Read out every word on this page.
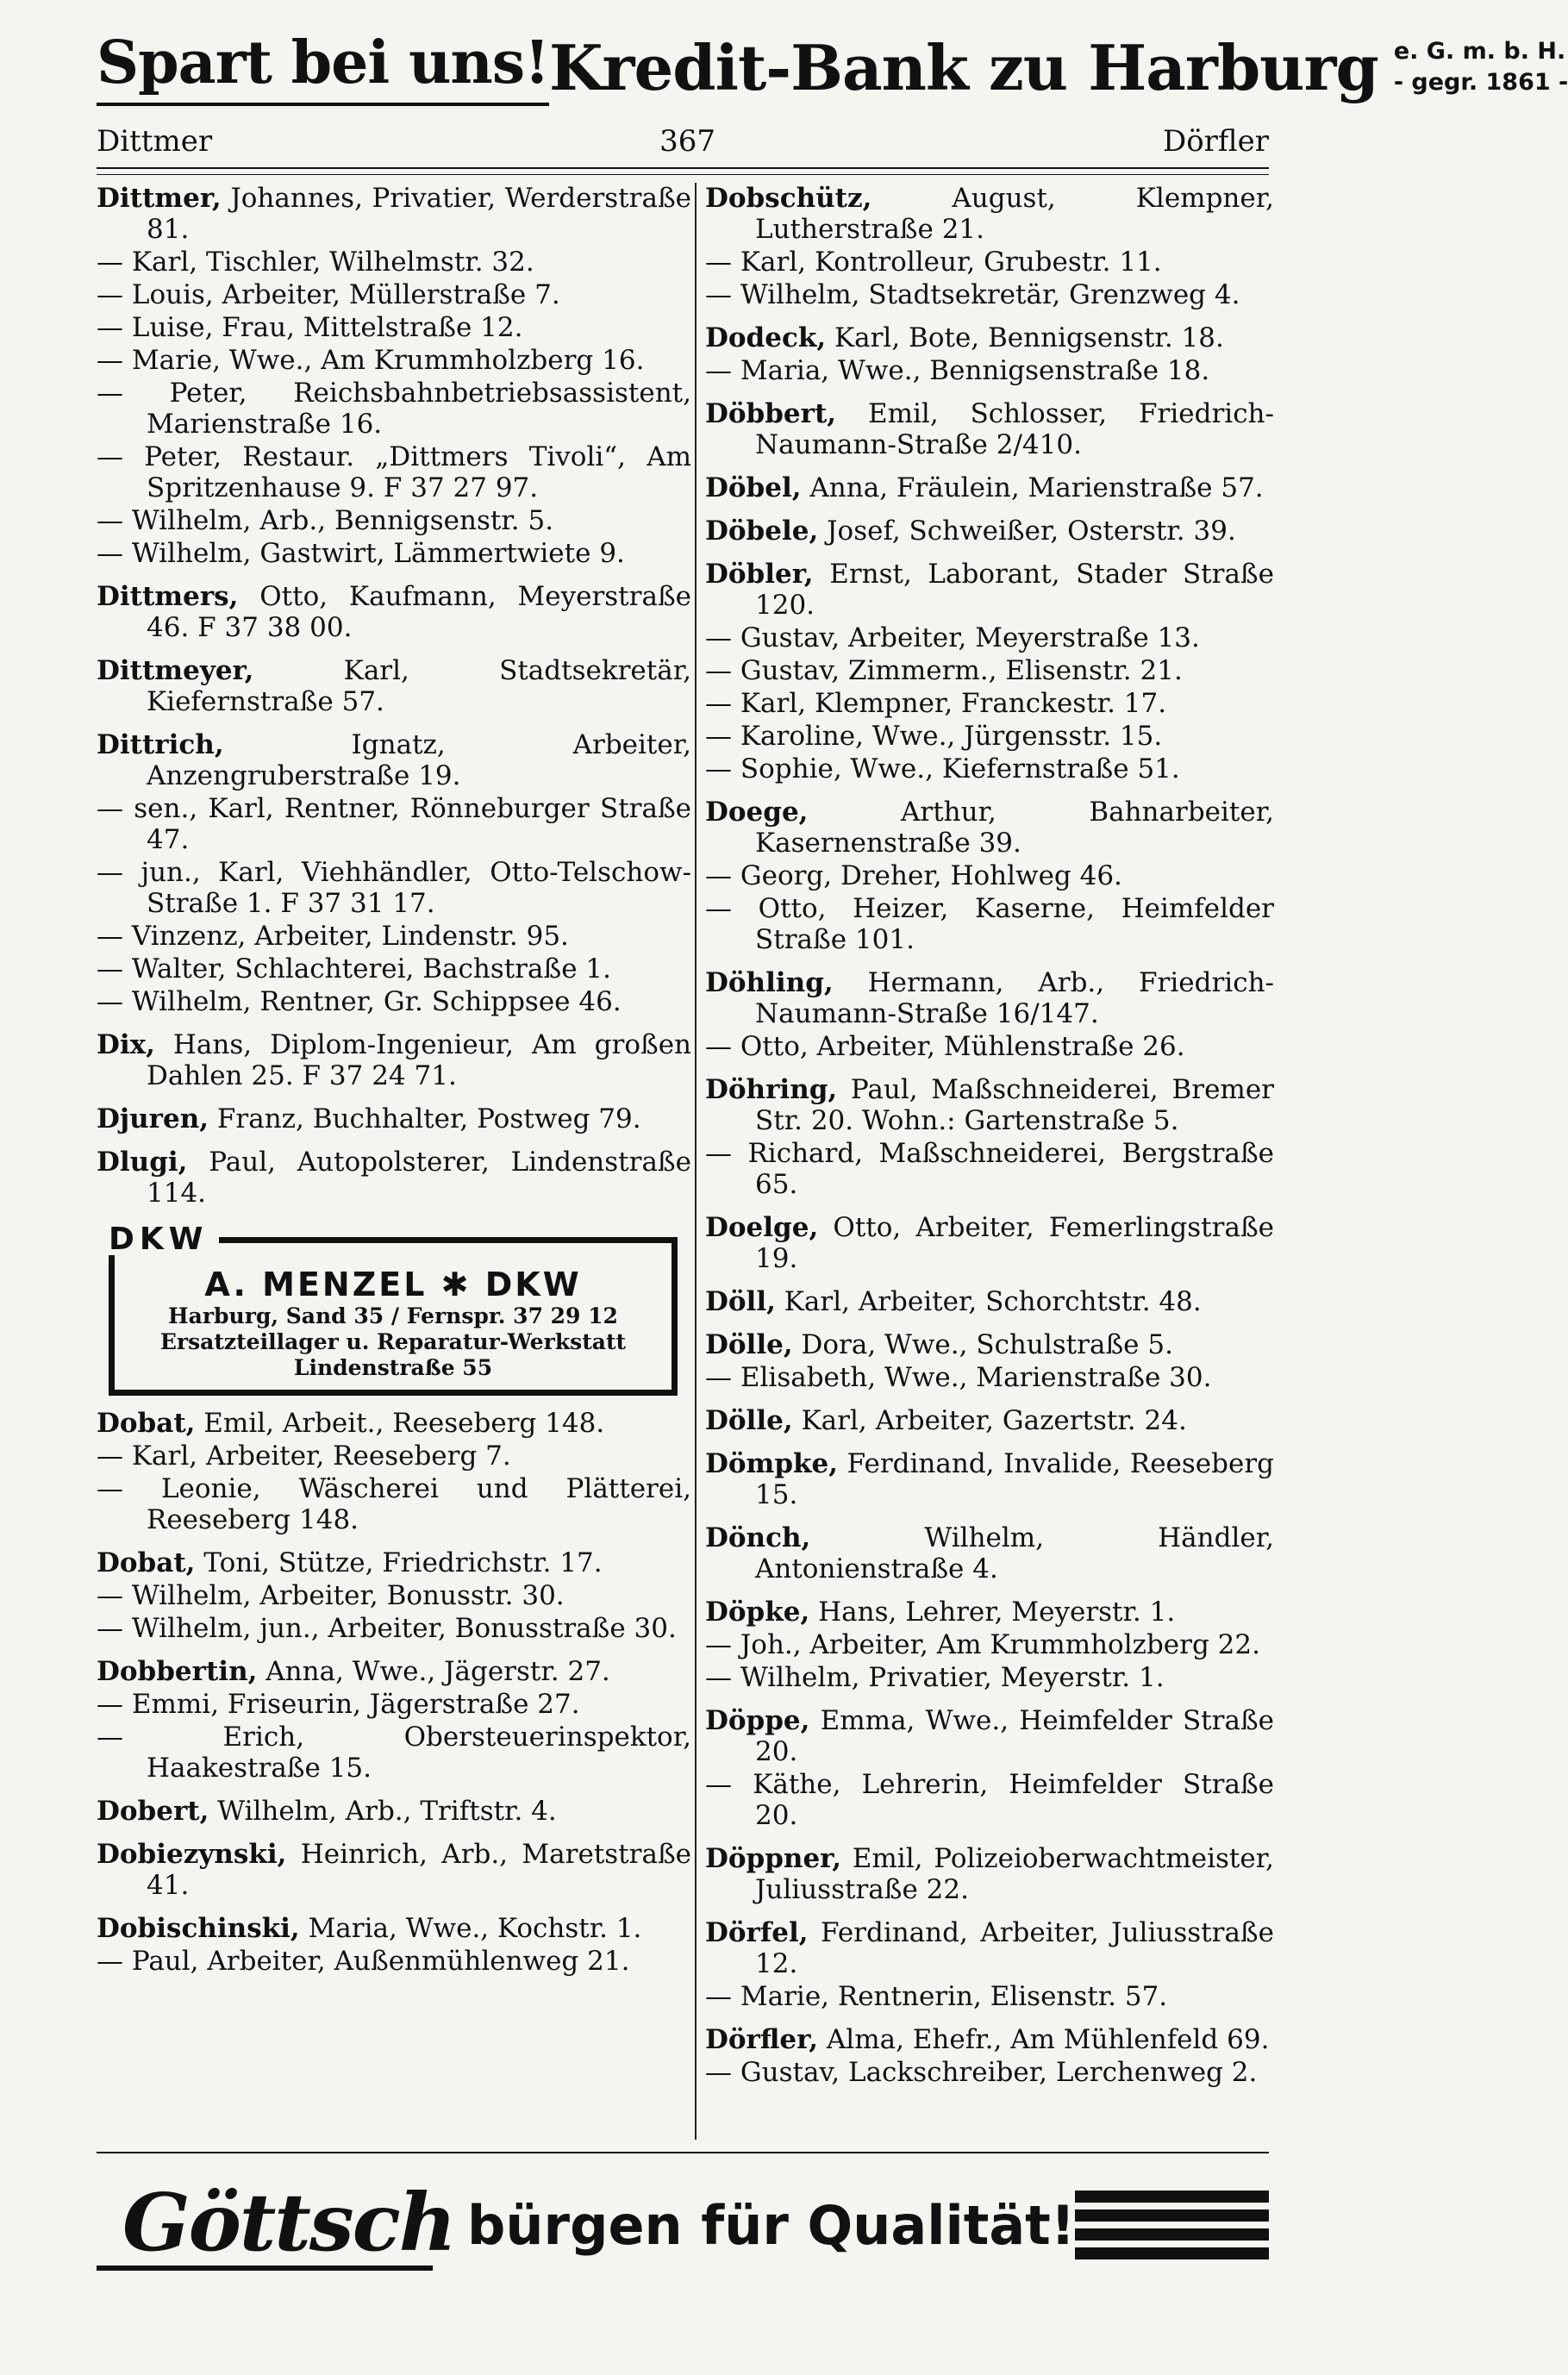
Spart bei uns! Kredit-Bank zu Harburg e. G. m. b. H.
- gegr. 1861 -
Dittmer	367	Dörfler
Dittmer, Johannes, Privatier, Werderstraße 81.
— Karl, Tischler, Wilhelmstr. 32.
— Louis, Arbeiter, Müllerstraße 7.
— Luise, Frau, Mittelstraße 12.
— Marie, Wwe., Am Krummholzberg 16.
— Peter, Reichsbahnbetriebsassistent, Marienstraße 16.
— Peter, Restaur. „Dittmers Tivoli“, Am Spritzenhause 9. F 37 27 97.
— Wilhelm, Arb., Bennigsenstr. 5.
— Wilhelm, Gastwirt, Lämmertwiete 9.
Dittmers, Otto, Kaufmann, Meyerstraße 46. F 37 38 00.
Dittmeyer,	Karl, Stadtsekretär, Kiefernstraße 57.
Dittrich,	Ignatz, Arbeiter, Anzengruberstraße 19.
— sen., Karl, Rentner, Rönneburger Straße 47.
— jun., Karl, Viehhändler, Otto-Telschow-Straße 1. F 37 31 17.
— Vinzenz, Arbeiter, Lindenstr. 95.
— Walter, Schlachterei, Bachstraße 1.
— Wilhelm, Rentner, Gr. Schippsee 46.
Dix, Hans, Diplom-Ingenieur, Am großen Dahlen 25. F 37 24 71.
Djuren, Franz, Buchhalter, Postweg 79.
Dlugi, Paul, Autopolsterer, Lindenstraße 114.
DKW
A. MENZEL ✱ DKW
Harburg, Sand 35 / Fernspr. 37 29 12
Ersatzteillager u. Reparatur-Werkstatt
Lindenstraße 55
Dobat, Emil, Arbeit., Reeseberg 148.
— Karl, Arbeiter, Reeseberg 7.
— Leonie, Wäscherei und Plätterei, Reeseberg 148.
Dobat, Toni, Stütze, Friedrichstr. 17.
— Wilhelm, Arbeiter, Bonusstr. 30.
— Wilhelm, jun., Arbeiter, Bonusstraße 30.
Dobbertin, Anna, Wwe., Jägerstr. 27.
— Emmi, Friseurin, Jägerstraße 27.
—	Erich, Obersteuerinspektor, Haakestraße 15.
Dobert, Wilhelm, Arb., Triftstr. 4.
Dobiezynski, Heinrich, Arb., Maretstraße 41.
Dobischinski, Maria, Wwe., Kochstr. 1.
— Paul, Arbeiter, Außenmühlenweg 21.
Dobschütz,	August, Klempner, Lutherstraße 21.
— Karl, Kontrolleur, Grubestr. 11.
— Wilhelm, Stadtsekretär, Grenzweg 4.
Dodeck, Karl, Bote, Bennigsenstr. 18.
— Maria, Wwe., Bennigsenstraße 18.
Döbbert, Emil, Schlosser, Friedrich-Naumann-Straße 2/410.
Döbel, Anna, Fräulein, Marienstraße 57.
Döbele, Josef, Schweißer, Osterstr. 39.
Döbler, Ernst, Laborant, Stader Straße 120.
— Gustav, Arbeiter, Meyerstraße 13.
— Gustav, Zimmerm., Elisenstr. 21.
— Karl, Klempner, Franckestr. 17.
— Karoline, Wwe., Jürgensstr. 15.
— Sophie, Wwe., Kiefernstraße 51.
Doege,	Arthur, Bahnarbeiter, Kasernenstraße 39.
— Georg, Dreher, Hohlweg 46.
— Otto, Heizer, Kaserne, Heimfelder Straße 101.
Döhling, Hermann, Arb., Friedrich-Naumann-Straße 16/147.
— Otto, Arbeiter, Mühlenstraße 26.
Döhring, Paul, Maßschneiderei, Bremer Str. 20. Wohn.: Gartenstraße 5.
— Richard, Maßschneiderei, Bergstraße 65.
Doelge, Otto, Arbeiter, Femerlingstraße 19.
Döll, Karl, Arbeiter, Schorchtstr. 48.
Dölle, Dora, Wwe., Schulstraße 5.
— Elisabeth, Wwe., Marienstraße 30.
Dölle, Karl, Arbeiter, Gazertstr. 24.
Dömpke, Ferdinand, Invalide, Reeseberg 15.
Dönch,	Wilhelm, Händler, Antonienstraße 4.
Döpke, Hans, Lehrer, Meyerstr. 1.
— Joh., Arbeiter, Am Krummholzberg 22.
— Wilhelm, Privatier, Meyerstr. 1.
Döppe, Emma, Wwe., Heimfelder Straße 20.
— Käthe, Lehrerin, Heimfelder Straße 20.
Döppner, Emil, Polizeioberwachtmeister, Juliusstraße 22.
Dörfel, Ferdinand, Arbeiter, Juliusstraße 12.
— Marie, Rentnerin, Elisenstr. 57.
Dörfler, Alma, Ehefr., Am Mühlenfeld 69.
— Gustav, Lackschreiber, Lerchenweg 2.
Göttsch bürgen für Qualität!
